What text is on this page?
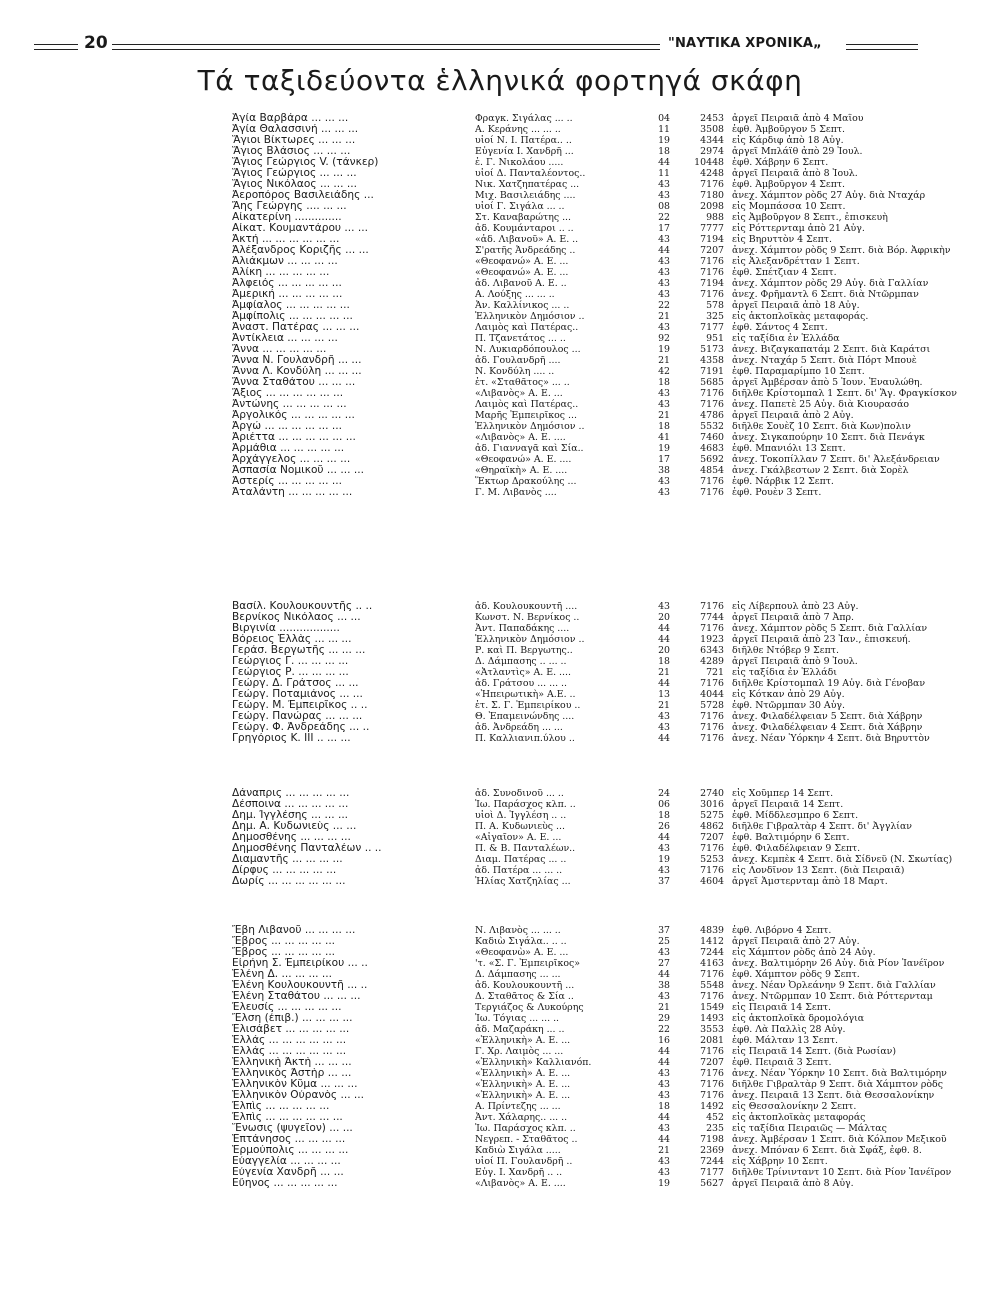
20	"ΝΑΥΤΙΚΑ ΧΡΟΝΙΚΑ„
Τά ταξιδεύοντα ἑλληνικά φορτηγά σκάφη
Ἁγία Βαρβάρα ... ... ...	Φραγκ. Σιγάλας ... ..	04	2453 ἀργεῖ Πειραιᾶ ἀπὸ 4 Μαΐου
Ἁγία Θαλασσινή ... ... ...	Α. Κεράνης ... ... ..	11	3508 ἐφθ. Ἀμβοῦργον 5 Σεπτ.
Ἅγιοι Βίκτωρες ... ... ...	υἱοί Ν. Ι. Πατέρα.. ..	19	4344 εἰς Κάρδιφ ἀπὸ 18 Αὐγ.
Ἅγιος Βλάσιος ... ... ...	Εὐγενία Ι. Χανδρῆ ...	18	2974 ἀργεῖ Μπλάϊθ ἀπὸ 29 Ἰουλ.
Ἅγιος Γεώργιος V. (τάνκερ)	ἑ. Γ. Νικολάου .....	44	10448 ἐφθ. Χάβρην 6 Σεπτ.
Ἅγιος Γεώργιος ... ... ...	υἱοί Δ. Πανταλέοντος..	11	4248 ἀργεῖ Πειραιᾶ ἀπὸ 8 Ἰουλ.
Ἅγιος Νικόλαος ... ... ...	Νικ. Χατζηπατέρας ...	43	7176 ἐφθ. Ἀμβοῦργον 4 Σεπτ.
Ἀεροπόρος Βασιλειάδης ...	Μιχ. Βασιλειάδης ....	43	7180 ἀνεχ. Χάμπτον ρὸδς 27 Αὐγ. διὰ Νταχάρ
Ἄης Γεώργης .... ... ...	υἱοί Γ. Σιγάλα ... ..	08	2098 εἰς Μομπάσσα 10 Σεπτ.
Αἰκατερίνη ..............	Στ. Καναβαρώτης ...	22	988 εἰς Ἀμβοῦργον 8 Σεπτ., ἐπισκευὴ
Αἰκατ. Κουμαντάρου ... ...	ἀδ. Κουμάνταροι .. ..	17	7777 εἰς Ρόττερνταμ ἀπὸ 21 Αὐγ.
Ἀκτή ... ... ... ... ... ...	«ἀδ. Λιβανοῦ» Α. Ε. ..	43	7194 εἰς Βηρυττὸν 4 Σεπτ.
Ἀλέξανδρος Κοριζῆς ... ...	Σ'ρατῆς Ἀνδρεάδης ..	44	7207 ἀνεχ. Χάμπτον ρὸδς 9 Σεπτ. διὰ Βόρ. Ἀφρικὴν
Ἀλιάκμων ... ... ... ...	«Θεοφανώ» Α. Ε. ...	43	7176 εἰς Ἀλεξανδρέτταν 1 Σεπτ.
Ἀλίκη ... ... ... ... ...	«Θεοφανώ» Α. Ε. ...	43	7176 ἐφθ. Σπέτζιαν 4 Σεπτ.
Ἀλφειός ... ... ... ... ...	ἀδ. Λιβανοῦ Α. Ε. ..	43	7194 ἀνεχ. Χάμπτον ρὸδς 29 Αὐγ. διὰ Γαλλίαν
Ἀμερική ... ... ... ... ...	Α. Λούξης ... ... ..	43	7176 ἀνεχ. Φρῆμαντλ 6 Σεπτ. διὰ Ντῶρμπαν
Ἀμφίαλος ... ... ... ... ...	Ἀν. Καλλίνικος ... ..	22	578 ἀργεῖ Πειραιᾶ ἀπὸ 18 Αὐγ.
Ἀμφίπολις ... ... ... ... ...	Ἑλληνικὸν Δημόσιον ..	21	325 εἰς ἀκτοπλοϊκὰς μεταφοράς.
Ἀναστ. Πατέρας ... ... ...	Λαιμὸς καὶ Πατέρας..	43	7177 ἐφθ. Σάντος 4 Σεπτ.
Ἀντίκλεια ... ... ... ...	Π. Τζανετάτος ... ..	92	951 εἰς ταξίδια ἐν Ἑλλάδα
Ἄννα ... ... ... ... ...	Ν. Λυκιαρδόπουλος ...	19	5173 ἀνεχ. Βιζαγκαπατάμ 2 Σεπτ. διὰ Καράτσι
Ἄννα Ν. Γουλανδρῆ ... ...	ἀδ. Γουλανδρῆ ....	21	4358 ἀνεχ. Νταχάρ 5 Σεπτ. διὰ Πόρτ Μπουὲ
Ἄννα Λ. Κονδύλη ... ... ...	Ν. Κονδύλη .... ..	42	7191 ἐφθ. Παραμαρίμπο 10 Σεπτ.
Ἄννα Σταθάτου ... ... ...	ἑτ. «Σταθᾶτος» ... ..	18	5685 ἀργεῖ Ἀμβέρσαν ἀπὸ 5 Ἰουν. Ἐναυλώθη.
Ἄξιος ... ... ... ... ... ...	«Λιβανὸς» Α. Ε. ...	43	7176 διῆλθε Κρίστομπαλ 1 Σεπτ. δι' Ἅγ. Φραγκίσκον
Ἀντώνης ... ... ... ... ...	Λαιμὸς καὶ Πατέρας..	43	7176 ἀνεχ. Παπετὲ 25 Αὐγ. διὰ Κιουρασάο
Ἀργολικός ... ... ... ... ...	Μαρῆς Ἐμπειρῖκος ...	21	4786 ἀργεῖ Πειραιᾶ ἀπὸ 2 Αὐγ.
Ἀργώ ... ... ... ... ... ...	Ἑλληνικὸν Δημόσιον ..	18	5532 διῆλθε Σουὲζ 10 Σεπτ. διὰ Κων)πολιν
Ἀριέττα ... ... ... ... ... ...	«Λιβανὸς» Α. Ε. ....	41	7460 ἀνεχ. Σιγκαπούρην 10 Σεπτ. διὰ Πενάγκ
Ἀρμάθια ... ... ... ... ...	ἀδ. Γιανναγᾶ καὶ Σία..	19	4683 ἐφθ. Μπανιόλι 13 Σεπτ.
Ἀρχάγγελος ... ... ... ...	«Θεοφανώ» Α. Ε. ....	17	5692 ἀνεχ. Τοκοπίλλαν 7 Σεπτ. δι' Ἀλεξάνδρειαν
Ἀσπασία Νομικοῦ ... ... ...	«Θηραϊκὴ» Α. Ε. ....	38	4854 ἀνεχ. Γκάλβεστων 2 Σεπτ. διὰ Σορὲλ
Ἀστερίς ... ... ... ... ...	Ἕκτωρ Δρακούλης ...	43	7176 ἐφθ. Νάρβικ 12 Σεπτ.
Ἀταλάντη ... ... ... ... ...	Γ. Μ. Λιβανὸς ....	43	7176 ἐφθ. Ρουὲν 3 Σεπτ.
Βασίλ. Κουλουκουντῆς .. ..	ἀδ. Κουλουκουντῆ ....	43	7176 εἰς Λίβερπουλ ἀπὸ 23 Αὐγ.
Βερνίκος Νικόλαος ... ...	Κωνστ. Ν. Βερνίκος ..	20	7744 ἀργεῖ Πειραιᾶ ἀπὸ 7 Ἀπρ.
Βιργινία ..................	Ἀντ. Παπαδάκης ....	44	7176 ἀνεχ. Χάμπτον ρὸδς 5 Σεπτ. διὰ Γαλλίαν
Βόρειος Ἑλλὰς ... ... ...	Ἑλληνικὸν Δημόσιον ..	44	1923 ἀργεῖ Πειραιᾶ ἀπὸ 23 Ἰαν., ἐπισκευή.
Γεράσ. Βεργωτῆς ... ... ...	Ρ. καὶ Π. Βεργωτης..	20	6343 διῆλθε Ντόβερ 9 Σεπτ.
Γεώργιος Γ. ... ... ... ...	Δ. Δάμπασης .. ... ..	18	4289 ἀργεῖ Πειραιᾶ ἀπὸ 9 Ἰουλ.
Γεώργιος Ρ. ... ... ... ...	«Ἀτλαντὶς» Α. Ε. ....	21	721 εἰς ταξίδια ἐν Ἑλλάδι
Γεώργ. Δ. Γράτσος ... ...	ἀδ. Γράτσου ... ... ..	44	7176 διῆλθε Κρίστομπαλ 19 Αὐγ. διὰ Γένοβαν
Γεώργ. Ποταμιάνος ... ...	«Ἠπειρωτικὴ» Α.Ε. ..	13	4044 εἰς Κότκαν ἀπὸ 29 Αὐγ.
Γεώργ. Μ. Ἐμπειρῖκος .. ..	ἑτ. Σ. Γ. Ἐμπειρίκου ..	21	5728 ἐφθ. Ντῶρμπαν 30 Αὐγ.
Γεώργ. Πανώρας ... ... ...	Θ. Ἐπαμεινώνδης ....	43	7176 ἀνεχ. Φιλαδέλφειαν 5 Σεπτ. διὰ Χάβρην
Γεώργ. Φ. Ἀνδρεάδης ... ..	ἀδ. Ἀνδρεάδη ... ...	43	7176 ἀνεχ. Φιλαδέλφειαν 4 Σεπτ. διὰ Χάβρην
Γρηγόριος Κ. ΙΙΙ .. ... ...	Π. Καλλιανιπ.ύλου ..	44	7176 ἀνεχ. Νέαν Ὑόρκην 4 Σεπτ. διὰ Βηρυττὸν
Δάναπρις ... ... ... ... ...	ἀδ. Συνοδινοῦ ... ..	24	2740 εἰς Χοῦμπερ 14 Σεπτ.
Δέσποινα ... ... ... ... ...	Ἰω. Παράσχος κλπ. ..	06	3016 ἀργεῖ Πειραιᾶ 14 Σεπτ.
Δημ. Ἰγγλέσης ... ... ...	υἱοὶ Δ. Ἰγγλέση .. ..	18	5275 ἐφθ. Μίδδλεσμπρο 6 Σεπτ.
Δημ. Α. Κυδωνιεὺς ... ...	Π. Α. Κυδωνιεὺς ...	26	4862 διῆλθε Γιβραλτὰρ 4 Σεπτ. δι' Ἀγγλίαν
Δημοσθένης ... ... ... ...	«Αἰγαῖον» Α. Ε. ...	44	7207 ἐφθ. Βαλτιμόρην 6 Σεπτ.
Δημοσθένης Πανταλέων .. ..	Π. & Β. Πανταλέων..	43	7176 ἐφθ. Φιλαδέλφειαν 9 Σεπτ.
Διαμαντῆς ... ... ... ...	Διαμ. Πατέρας ... ..	19	5253 ἀνεχ. Κεμπὲκ 4 Σεπτ. διὰ Σίδνεϋ (Ν. Σκωτίας)
Δίρφυς ... ... ... ... ...	ἀδ. Πατέρα ... ... ..	43	7176 εἰς Λονδῖνον 13 Σεπτ. (διὰ Πειραιᾶ)
Δωρίς ... ... ... ... ... ...	Ἠλίας Χατζηλίας ...	37	4604 ἀργεῖ Ἀμστερνταμ ἀπὸ 18 Μαρτ.
Ἔβη Λιβανοῦ ... ... ... ...	Ν. Λιβανὸς ... ... ..	37	4839 ἐφθ. Λιβόρνο 4 Σεπτ.
Ἔβρος ... ... ... ... ...	Καδιὼ Σιγάλα.. .. ..	25	1412 ἀργεῖ Πειραιᾶ ἀπὸ 27 Αὐγ.
Ἔβρος ... ... ... ... ...	«Θεοφανὼ» Α. Ε. ...	43	7244 εἰς Χάμπτον ρὸδς ἀπὸ 24 Αὐγ.
Εἰρήνη Σ. Ἐμπειρίκου ... ..	'τ. «Σ. Γ. Ἐμπειρῖκος»	27	4163 ἀνεχ. Βαλτιμόρην 26 Αὐγ. διὰ Ρίον Ἰανέϊρον
Ἑλένη Δ. ... ... ... ...	Δ. Δάμπασης ... ...	44	7176 ἐφθ. Χάμπτον ρὸδς 9 Σεπτ.
Ἑλένη Κουλουκουντῆ ... ..	ἀδ. Κουλουκουντῆ ...	38	5548 ἀνεχ. Νέαν Ὀρλεάνην 9 Σεπτ. διὰ Γαλλίαν
Ἑλένη Σταθάτου ... ... ...	Δ. Σταθᾶτος & Σία ..	43	7176 ἀνεχ. Ντῶρμπαν 10 Σεπτ. διὰ Ρόττερνταμ
Ἐλευσίς ... ... ... ... ...	Τεργιάζος & Λυκούρης	21	1549 εἰς Πειραιᾶ 14 Σεπτ.
Ἔλση (ἐπιβ.) ... ... ... ...	Ἰω. Τόγιας ... ... ..	29	1493 εἰς ἀκτοπλοϊκὰ δρομολόγια
Ἐλισάβετ ... ... ... ... ...	ἀδ. Μαζαράκη ... ..	22	3553 ἐφθ. Λὰ Παλλὶς 28 Αὐγ.
Ἑλλάς ... ... ... ... ... ...	«Ἑλληνικὴ» Α. Ε. ...	16	2081 ἐφθ. Μάλταν 13 Σεπτ.
Ἑλλάς ... ... ... ... ... ...	Γ. Χρ. Λαιμὸς ... ...	44	7176 εἰς Πειραιᾶ 14 Σεπτ. (διὰ Ρωσίαν)
Ἑλληνικὴ Ἀκτὴ ... ... ...	«Ἑλληνικὴ» Καλλιανόπ.	44	7207 ἐφθ. Πειραιᾶ 3 Σεπτ.
Ἑλληνικὸς Ἀστὴρ ... ...	«Ἑλληνικὴ» Α. Ε. ...	43	7176 ἀνεχ. Νέαν Ὑόρκην 10 Σεπτ. διὰ Βαλτιμόρην
Ἑλληνικὸν Κῦμα ... ... ...	«Ἑλληνικὴ» Α. Ε. ...	43	7176 διῆλθε Γιβραλτὰρ 9 Σεπτ. διὰ Χάμπτον ρὸδς
Ἑλληνικὸν Οὐρανὸς ... ...	«Ἑλληνικὴ» Α. Ε. ...	43	7176 ἀνεχ. Πειραιᾶ 13 Σεπτ. διὰ Θεσσαλονίκην
Ἐλπὶς ... ... ... ... ...	Α. Πρίντεζης ... ...	18	1492 εἰς Θεσσαλονίκην 2 Σεπτ.
Ἐλπὶς ... ... ... ... ... ...	Ἀντ. Χάλαρης.. ... ..	44	452 εἰς ἀκτοπλοϊκὰς μεταφοράς
Ἕνωσις (ψυγεῖον) ... ...	Ἰω. Παράσχος κλπ. ..	43	235 εἰς ταξίδια Πειραιῶς — Μάλτας
Ἑπτάνησος ... ... ... ...	Νεγρεπ. - Σταθᾶτος ..	44	7198 ἀνεχ. Ἀμβέρσαν 1 Σεπτ. διὰ Κόλπον Μεξικοῦ
Ἑρμούπολις ... ... ... ...	Καδιὼ Σιγάλα .....	21	2369 ἀνεχ. Μπόναν 6 Σεπτ. διὰ Σφάξ, ἐφθ. 8.
Εὐαγγελία ... ... ... ...	υἱοί Π. Γουλανδρῆ ..	43	7244 εἰς Χάβρην 10 Σεπτ.
Εὐγενία Χανδρῆ ... ...	Εὐγ. Ι. Χανδρῆ .. ..	43	7177 διῆλθε Τρίνινταντ 10 Σεπτ. διὰ Ρίον Ἰανέϊρον
Εὔηνος ... ... ... ... ...	«Λιβανὸς» Α. Ε. ....	19	5627 ἀργεῖ Πειραιᾶ ἀπὸ 8 Αὐγ.
